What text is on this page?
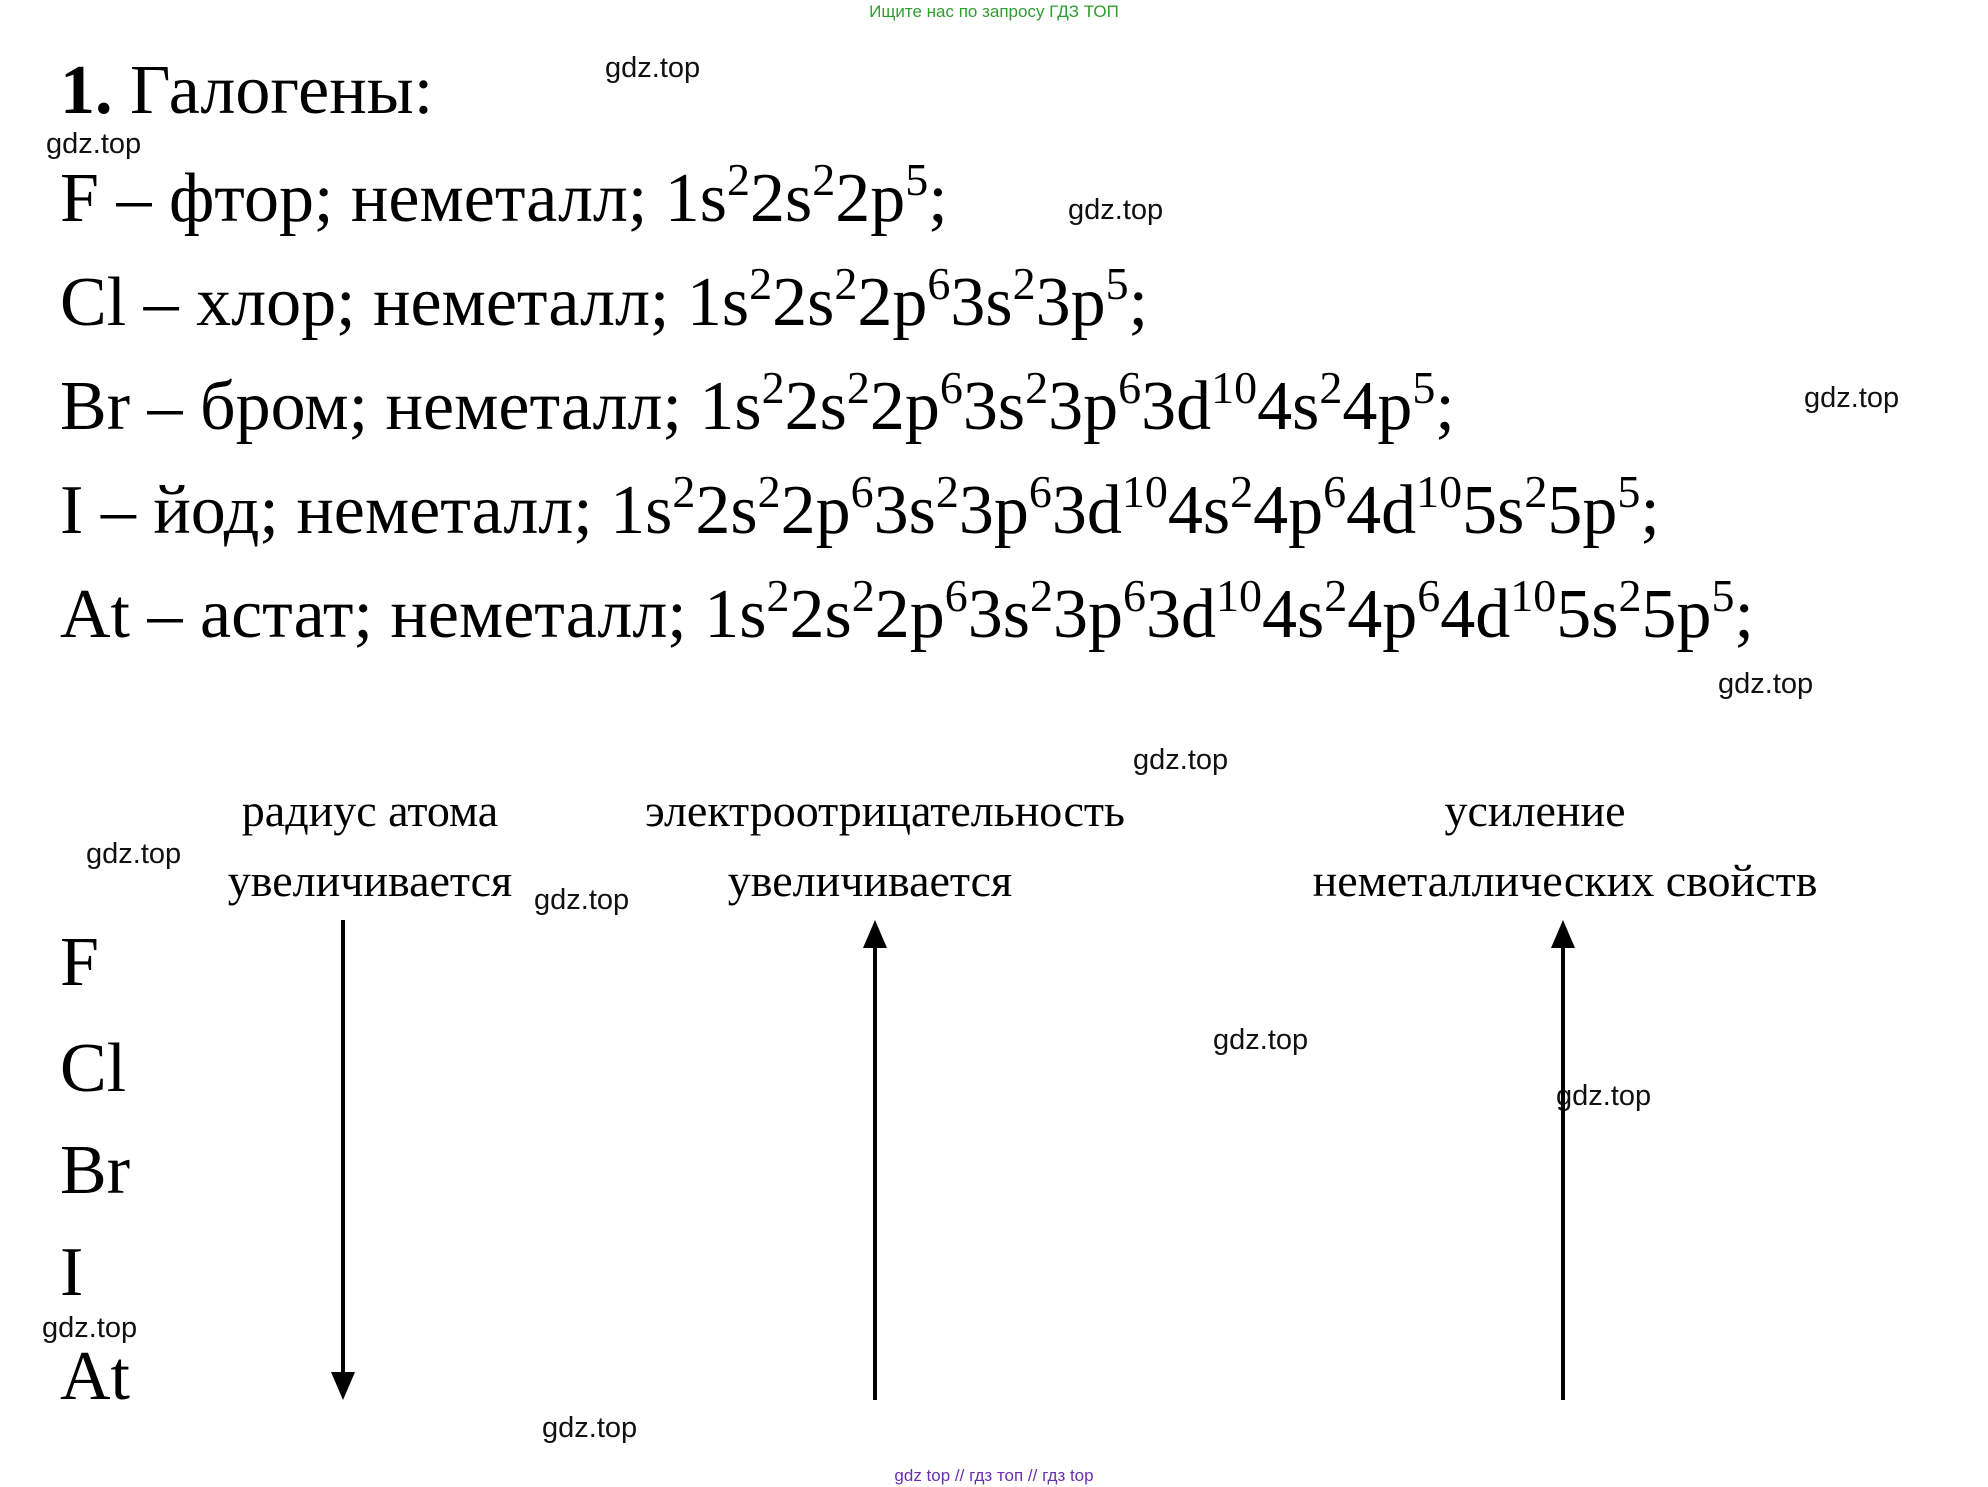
Ищите нас по запросу ГДЗ ТОП
gdz.top
gdz.top
gdz.top
gdz.top
gdz.top
gdz.top
gdz.top
gdz.top
gdz.top
gdz.top
gdz.top
gdz.top
1. Галогены:
F – фтор; неметалл; $1s^22s^22p^5$;
Cl – хлор; неметалл; $1s^22s^22p^63s^23p^5$;
Br – бром; неметалл; $1s^22s^22p^63s^23p^63d^{10}4s^24p^5$;
I – йод; неметалл; $1s^22s^22p^63s^23p^63d^{10}4s^24p^64d^{10}5s^25p^5$;
At – астат; неметалл; $1s^22s^22p^63s^23p^63d^{10}4s^24p^64d^{10}5s^25p^5$;
радиус атома
увеличивается
электроотрицательность
увеличивается
усиление
неметаллических свойств
F
Cl
Br
I
At
gdz top // гдз топ // гдз top
